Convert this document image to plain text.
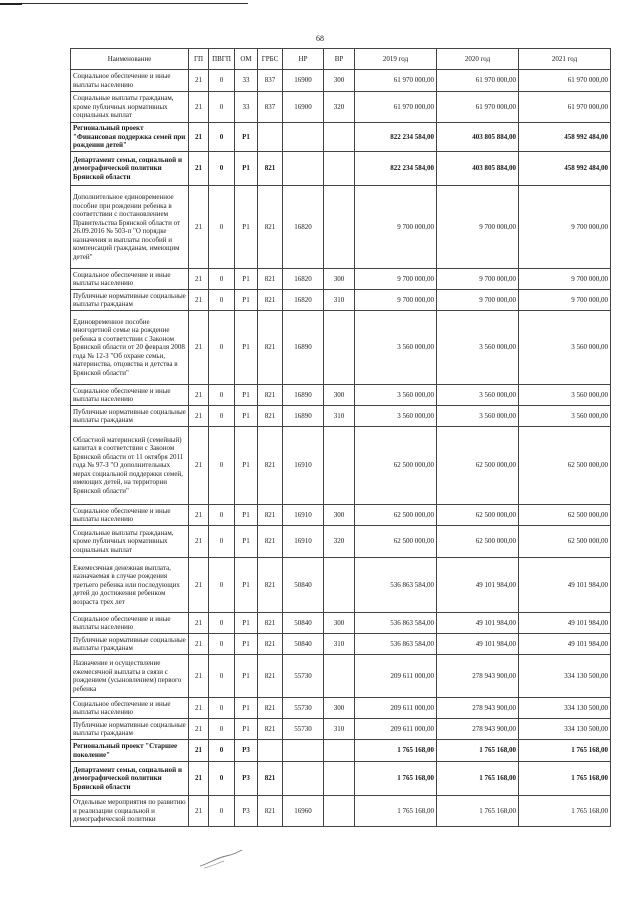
68
Наименование	ГП	ПВГП	ОМ	ГРБС	НР	ВР	2019 год	2020 год	2021 год
Социальное обеспечение и иные выплаты населению	21	0	33	837	16900	300	61 970 000,00	61 970 000,00	61 970 000,00
Социальные выплаты гражданам, кроме публичных нормативных социальных выплат	21	0	33	837	16900	320	61 970 000,00	61 970 000,00	61 970 000,00
Региональный проект "Финансовая поддержка семей при рождении детей"	21	0	P1				822 234 584,00	403 805 884,00	458 992 484,00
Департамент семьи, социальной и демографической политики Брянской области	21	0	P1	821			822 234 584,00	403 805 884,00	458 992 484,00
Дополнительное единовременное пособие при рождении ребенка в соответствии с постановлением Правительства Брянской области от 26.09.2016 № 503-п "О порядке назначения и выплаты пособий и компенсаций гражданам, имеющим детей"	21	0	P1	821	16820		9 700 000,00	9 700 000,00	9 700 000,00
Социальное обеспечение и иные выплаты населению	21	0	P1	821	16820	300	9 700 000,00	9 700 000,00	9 700 000,00
Публичные нормативные социальные выплаты гражданам	21	0	P1	821	16820	310	9 700 000,00	9 700 000,00	9 700 000,00
Единовременное пособие многодетной семье на рождение ребенка в соответствии с Законом Брянской области от 20 февраля 2008 года № 12-З "Об охране семьи, материнства, отцовства и детства в Брянской области"	21	0	P1	821	16890		3 560 000,00	3 560 000,00	3 560 000,00
Социальное обеспечение и иные выплаты населению	21	0	P1	821	16890	300	3 560 000,00	3 560 000,00	3 560 000,00
Публичные нормативные социальные выплаты гражданам	21	0	P1	821	16890	310	3 560 000,00	3 560 000,00	3 560 000,00
Областной материнский (семейный) капитал в соответствии с Законом Брянской области от 11 октября 2011 года № 97-З "О дополнительных мерах социальной поддержки семей, имеющих детей, на территории Брянской области"	21	0	P1	821	16910		62 500 000,00	62 500 000,00	62 500 000,00
Социальное обеспечение и иные выплаты населению	21	0	P1	821	16910	300	62 500 000,00	62 500 000,00	62 500 000,00
Социальные выплаты гражданам, кроме публичных нормативных социальных выплат	21	0	P1	821	16910	320	62 500 000,00	62 500 000,00	62 500 000,00
Ежемесячная денежная выплата, назначаемая в случае рождения третьего ребенка или последующих детей до достижения ребенком возраста трех лет	21	0	P1	821	50840		536 863 584,00	49 101 984,00	49 101 984,00
Социальное обеспечение и иные выплаты населению	21	0	P1	821	50840	300	536 863 584,00	49 101 984,00	49 101 984,00
Публичные нормативные социальные выплаты гражданам	21	0	P1	821	50840	310	536 863 584,00	49 101 984,00	49 101 984,00
Назначение и осуществление ежемесячной выплаты в связи с рождением (усыновлением) первого ребенка	21	0	P1	821	55730		209 611 000,00	278 943 900,00	334 130 500,00
Социальное обеспечение и иные выплаты населению	21	0	P1	821	55730	300	209 611 000,00	278 943 900,00	334 130 500,00
Публичные нормативные социальные выплаты гражданам	21	0	P1	821	55730	310	209 611 000,00	278 943 900,00	334 130 500,00
Региональный проект "Старшее поколение"	21	0	P3				1 765 168,00	1 765 168,00	1 765 168,00
Департамент семьи, социальной и демографической политики Брянской области	21	0	P3	821			1 765 168,00	1 765 168,00	1 765 168,00
Отдельные мероприятия по развитию и реализации социальной и демографической политики	21	0	P3	821	16960		1 765 168,00	1 765 168,00	1 765 168,00
